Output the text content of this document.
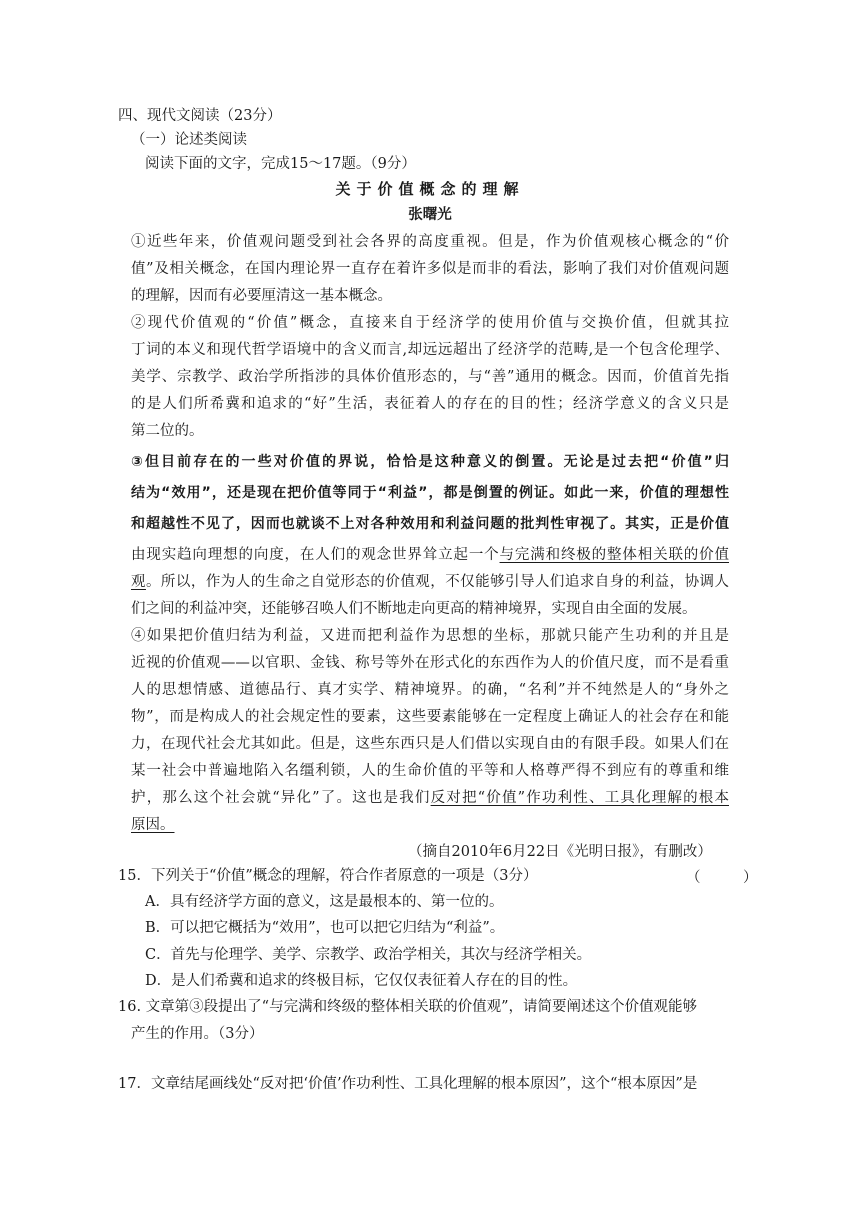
四、现代文阅读（23分）
（一）论述类阅读
阅读下面的文字，完成15～17题。（9分）
关于价值概念的理解
张曙光
①近些年来，价值观问题受到社会各界的高度重视。但是，作为价值观核心概念的“价
值”及相关概念，在国内理论界一直存在着许多似是而非的看法，影响了我们对价值观问题
的理解，因而有必要厘清这一基本概念。
②现代价值观的“价值”概念，直接来自于经济学的使用价值与交换价值，但就其拉
丁词的本义和现代哲学语境中的含义而言,却远远超出了经济学的范畴,是一个包含伦理学、
美学、宗教学、政治学所指涉的具体价值形态的，与“善”通用的概念。因而，价值首先指
的是人们所希冀和追求的“好”生活，表征着人的存在的目的性；经济学意义的含义只是
第二位的。
③但目前存在的一些对价值的界说，恰恰是这种意义的倒置。无论是过去把“价值”归
结为“效用”，还是现在把价值等同于“利益”，都是倒置的例证。如此一来，价值的理想性
和超越性不见了，因而也就谈不上对各种效用和利益问题的批判性审视了。其实，正是价值
由现实趋向理想的向度，在人们的观念世界耸立起一个与完满和终极的整体相关联的价值
观。所以，作为人的生命之自觉形态的价值观，不仅能够引导人们追求自身的利益，协调人
们之间的利益冲突，还能够召唤人们不断地走向更高的精神境界，实现自由全面的发展。
④如果把价值归结为利益，又进而把利益作为思想的坐标，那就只能产生功利的并且是
近视的价值观——以官职、金钱、称号等外在形式化的东西作为人的价值尺度，而不是看重
人的思想情感、道德品行、真才实学、精神境界。的确，“名利”并不纯然是人的“身外之
物”，而是构成人的社会规定性的要素，这些要素能够在一定程度上确证人的社会存在和能
力，在现代社会尤其如此。但是，这些东西只是人们借以实现自由的有限手段。如果人们在
某一社会中普遍地陷入名缰利锁，人的生命价值的平等和人格尊严得不到应有的尊重和维
护，那么这个社会就“异化”了。这也是我们反对把“价值”作功利性、工具化理解的根本
原因。
（摘自2010年6月22日《光明日报》，有删改）
15．下列关于“价值”概念的理解，符合作者原意的一项是（3分）	（　）
A．具有经济学方面的意义，这是最根本的、第一位的。
B．可以把它概括为“效用”，也可以把它归结为“利益”。
C．首先与伦理学、美学、宗教学、政治学相关，其次与经济学相关。
D．是人们希冀和追求的终极目标，它仅仅表征着人存在的目的性。
16. 文章第③段提出了“与完满和终级的整体相关联的价值观”，请简要阐述这个价值观能够
产生的作用。（3分）
17．文章结尾画线处“反对把‘价值’作功利性、工具化理解的根本原因”，这个“根本原因”是
